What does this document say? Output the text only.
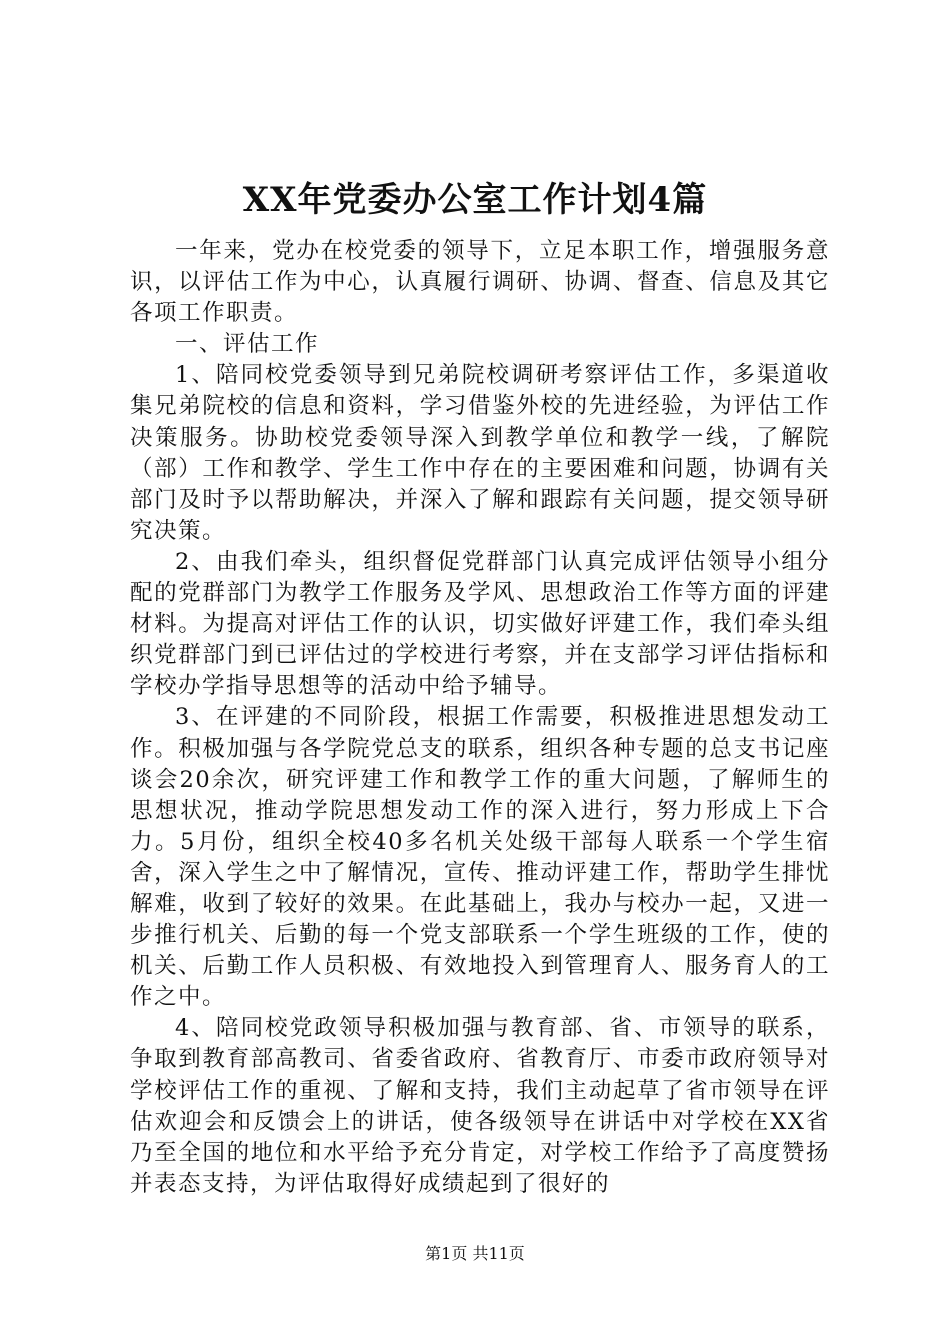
XX年党委办公室工作计划4篇

一年来，党办在校党委的领导下，立足本职工作，增强服务意识，以评估工作为中心，认真履行调研、协调、督查、信息及其它各项工作职责。

一、评估工作

1、陪同校党委领导到兄弟院校调研考察评估工作，多渠道收集兄弟院校的信息和资料，学习借鉴外校的先进经验，为评估工作决策服务。协助校党委领导深入到教学单位和教学一线，了解院（部）工作和教学、学生工作中存在的主要困难和问题，协调有关部门及时予以帮助解决，并深入了解和跟踪有关问题，提交领导研究决策。

2、由我们牵头，组织督促党群部门认真完成评估领导小组分配的党群部门为教学工作服务及学风、思想政治工作等方面的评建材料。为提高对评估工作的认识，切实做好评建工作，我们牵头组织党群部门到已评估过的学校进行考察，并在支部学习评估指标和学校办学指导思想等的活动中给予辅导。

3、在评建的不同阶段，根据工作需要，积极推进思想发动工作。积极加强与各学院党总支的联系，组织各种专题的总支书记座谈会20余次，研究评建工作和教学工作的重大问题，了解师生的思想状况，推动学院思想发动工作的深入进行，努力形成上下合力。5月份，组织全校40多名机关处级干部每人联系一个学生宿舍，深入学生之中了解情况，宣传、推动评建工作，帮助学生排忧解难，收到了较好的效果。在此基础上，我办与校办一起，又进一步推行机关、后勤的每一个党支部联系一个学生班级的工作，使的机关、后勤工作人员积极、有效地投入到管理育人、服务育人的工作之中。

4、陪同校党政领导积极加强与教育部、省、市领导的联系，争取到教育部高教司、省委省政府、省教育厅、市委市政府领导对学校评估工作的重视、了解和支持，我们主动起草了省市领导在评估欢迎会和反馈会上的讲话，使各级领导在讲话中对学校在XX省乃至全国的地位和水平给予充分肯定，对学校工作给予了高度赞扬并表态支持，为评估取得好成绩起到了很好的

第1页 共11页
